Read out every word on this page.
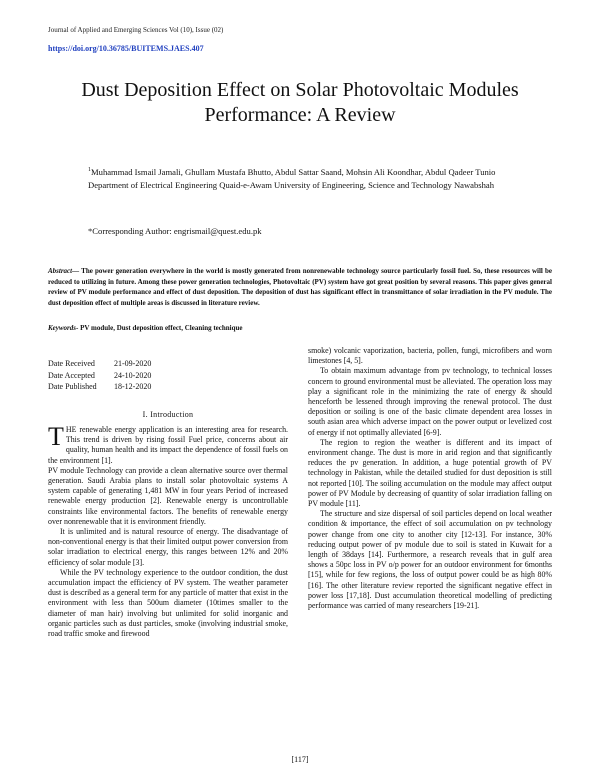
Journal of Applied and Emerging Sciences Vol (10), Issue (02)
https://doi.org/10.36785/BUITEMS.JAES.407
Dust Deposition Effect on Solar Photovoltaic Modules Performance: A Review
$^1$Muhammad Ismail Jamali, Ghullam Mustafa Bhutto, Abdul Sattar Saand, Mohsin Ali Koondhar, Abdul Qadeer Tunio
Department of Electrical Engineering Quaid-e-Awam University of Engineering, Science and Technology Nawabshah
*Corresponding Author: engrismail@quest.edu.pk
Abstract— The power generation everywhere in the world is mostly generated from nonrenewable technology source particularly fossil fuel. So, these resources will be reduced to utilizing in future. Among these power generation technologies, Photovoltaic (PV) system have got great position by several reasons. This paper gives general review of PV module performance and effect of dust deposition. The deposition of dust has significant effect in transmittance of solar irradiation in the PV module. The dust deposition effect of multiple areas is discussed in literature review.
Keywords- PV module, Dust deposition effect, Cleaning technique
Date Received 21-09-2020
Date Accepted 24-10-2020
Date Published 18-12-2020
I. Introduction

THE renewable energy application is an interesting area for research. This trend is driven by rising fossil Fuel price, concerns about air quality, human health and its impact the dependence of fossil fuels on the environment [1].

PV module Technology can provide a clean alternative source over thermal generation. Saudi Arabia plans to install solar photovoltaic systems A system capable of generating 1,481 MW in four years Period of increased renewable energy production [2]. Renewable energy is uncontrollable constraints like environmental factors. The benefits of renewable energy over nonrenewable that it is environment friendly.

It is unlimited and is natural resource of energy. The disadvantage of non-conventional energy is that their limited output power conversion from solar irradiation to electrical energy, this ranges between 12% and 20% efficiency of solar module [3].

While the PV technology experience to the outdoor condition, the dust accumulation impact the efficiency of PV system. The weather parameter dust is described as a general term for any particle of matter that exist in the environment with less than 500um diameter (10times smaller to the diameter of man hair) involving but unlimited for solid inorganic and organic particles such as dust particles, smoke (involving industrial smoke, road traffic smoke and firewood

smoke) volcanic vaporization, bacteria, pollen, fungi, microfibers and worn limestones [4, 5].

To obtain maximum advantage from pv technology, to technical losses concern to ground environmental must be alleviated. The operation loss may play a significant role in the minimizing the rate of energy & should henceforth be lessened through improving the renewal protocol. The dust deposition or soiling is one of the basic climate dependent area losses in south asian area which adverse impact on the power output or levelized cost of energy if not optimally alleviated [6-9].

The region to region the weather is different and its impact of environment change. The dust is more in arid region and that significantly reduces the pv generation. In addition, a huge potential growth of PV technology in Pakistan, while the detailed studied for dust deposition is still not reported [10]. The soiling accumulation on the module may affect output power of PV Module by decreasing of quantity of solar irradiation falling on PV module [11].

The structure and size dispersal of soil particles depend on local weather condition & importance, the effect of soil accumulation on pv technology power change from one city to another city [12-13]. For instance, 30% reducing output power of pv module due to soil is stated in Kuwait for a length of 38days [14]. Furthermore, a research reveals that in gulf area shows a 50pc loss in PV o/p power for an outdoor environment for 6months [15], while for few regions, the loss of output power could be as high 80% [16]. The other literature review reported the significant negative effect in power loss [17,18]. Dust accumulation theoretical modelling of predicting performance was carried of many researchers [19-21].

[117]
